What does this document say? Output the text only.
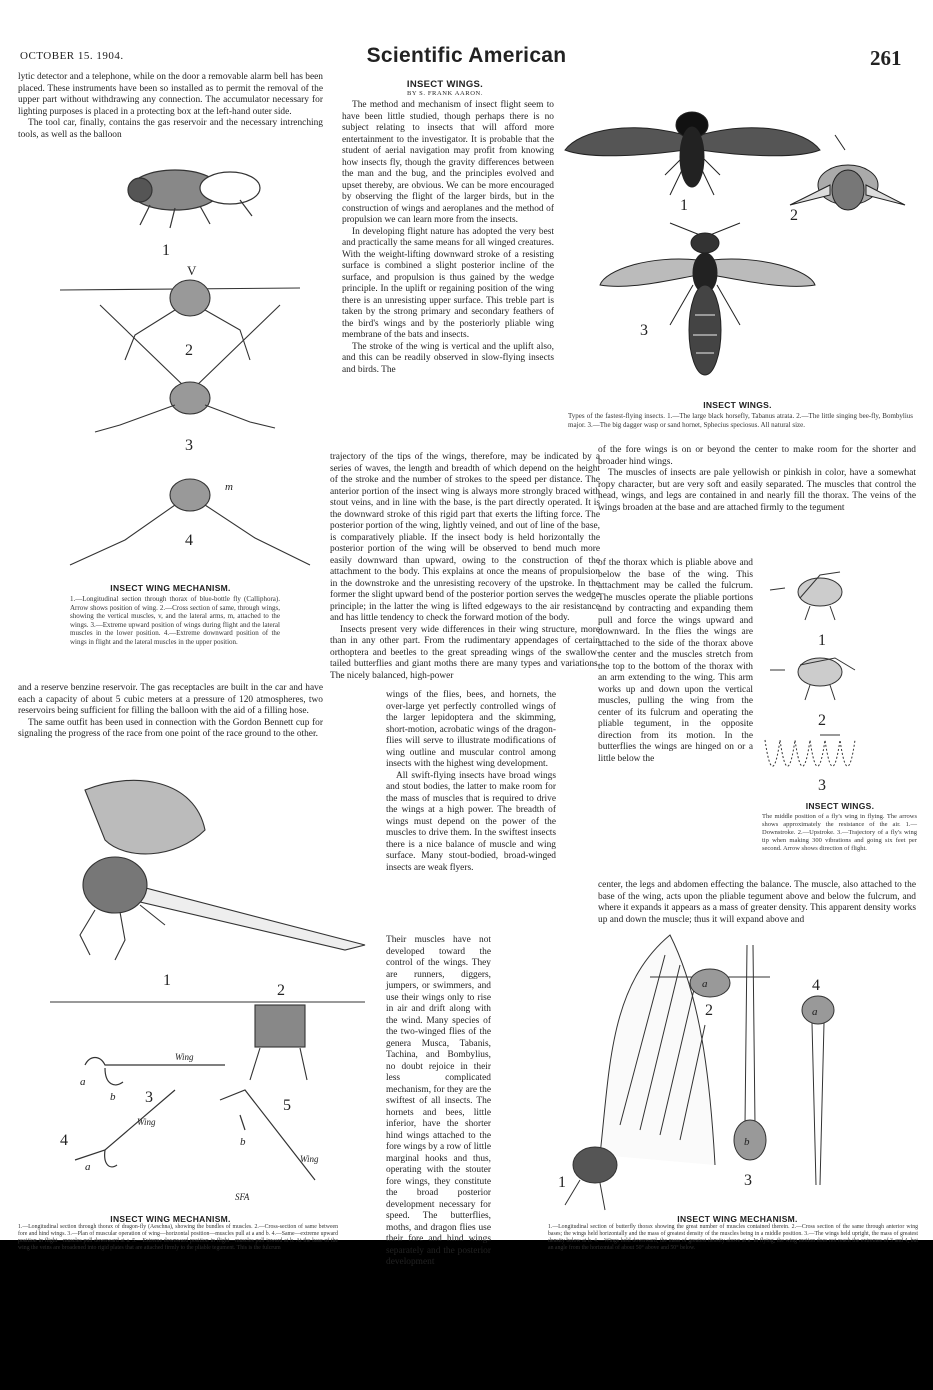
OCTOBER 15. 1904.	Scientific American	261

lytic detector and a telephone, while on the door a removable alarm bell has been placed. These instruments have been so installed as to permit the removal of the upper part without withdrawing any connection. The accumulator necessary for lighting purposes is placed in a protecting box at the left-hand outer side.

The tool car, finally, contains the gas reservoir and the necessary intrenching tools, as well as the balloon

1
V
2
3
m
4
INSECT WING MECHANISM.
1.—Longitudinal section through thorax of blue-bottle fly (Calliphora). Arrow shows position of wing. 2.—Cross section of same, through wings, showing the vertical muscles, v, and the lateral arms, m, attached to the wings. 3.—Extreme upward position of wings during flight and the lateral muscles in the lower position. 4.—Extreme downward position of the wings in flight and the lateral muscles in the upper position.

and a reserve benzine reservoir. The gas receptacles are built in the car and have each a capacity of about 5 cubic meters at a pressure of 120 atmospheres, two reservoirs being sufficient for filling the balloon with the aid of a filling hose.

The same outfit has been used in connection with the Gordon Bennett cup for signaling the progress of the race from one point of the race ground to the other.

1
2
a
b
Wing
3
4
Wing
a
5
b
Wing
SFA
INSECT WING MECHANISM.
1.—Longitudinal section through thorax of dragon-fly (Aeschna), showing the bundles of muscles. 2.—Cross-section of same between fore and hind wings. 3.—Plan of muscular operation of wing—horizontal position—muscles pull at a and b. 4.—Same—extreme upward position in flight—muscles pull downward at a. 5.—Extreme downward position in flight—muscles pull inward at b. At the base of the wing the veins are broadened into rigid plates that are attached firmly to the pliable tegument. This is the fulcrum
INSECT WINGS.
BY S. FRANK AARON.

The method and mechanism of insect flight seem to have been little studied, though perhaps there is no subject relating to insects that will afford more entertainment to the investigator. It is probable that the student of aerial navigation may profit from knowing how insects fly, though the gravity differences between the man and the bug, and the principles evolved and upset thereby, are obvious. We can be more encouraged by observing the flight of the larger birds, but in the construction of wings and aeroplanes and the method of propulsion we can learn more from the insects.

In developing flight nature has adopted the very best and practically the same means for all winged creatures. With the weight-lifting downward stroke of a resisting surface is combined a slight posterior incline of the surface, and propulsion is thus gained by the wedge principle. In the uplift or regaining position of the wing there is an unresisting upper surface. This treble part is taken by the strong primary and secondary feathers of the bird's wings and by the posteriorly pliable wing membrane of the bats and insects.

The stroke of the wing is vertical and the uplift also, and this can be readily observed in slow-flying insects and birds. The

trajectory of the tips of the wings, therefore, may be indicated by a series of waves, the length and breadth of which depend on the height of the stroke and the number of strokes to the speed per distance. The anterior portion of the insect wing is always more strongly braced with stout veins, and in line with the base, is the part directly operated. It is the downward stroke of this rigid part that exerts the lifting force. The posterior portion of the wing, lightly veined, and out of line of the base, is comparatively pliable. If the insect body is held horizontally the posterior portion of the wing will be observed to bend much more easily downward than upward, owing to the construction of the attachment to the body. This explains at once the means of propulsion in the downstroke and the unresisting recovery of the upstroke. In the former the slight upward bend of the posterior portion serves the wedge principle; in the latter the wing is lifted edgeways to the air resistance and has little tendency to check the forward motion of the body.

Insects present very wide differences in their wing structure, more than in any other part. From the rudimentary appendages of certain orthoptera and beetles to the great spreading wings of the swallow-tailed butterflies and giant moths there are many types and variations. The nicely balanced, high-power

wings of the flies, bees, and hornets, the over-large yet perfectly controlled wings of the larger lepidoptera and the skimming, short-motion, acrobatic wings of the dragon-flies will serve to illustrate modifications of wing outline and muscular control among insects with the highest wing development.

All swift-flying insects have broad wings and stout bodies, the latter to make room for the mass of muscles that is required to drive the wings at a high power. The breadth of wings must depend on the power of the muscles to drive them. In the swiftest insects there is a nice balance of muscle and wing surface. Many stout-bodied, broad-winged insects are weak flyers.

Their muscles have not developed toward the control of the wings. They are runners, diggers, jumpers, or swimmers, and use their wings only to rise in air and drift along with the wind. Many species of the two-winged flies of the genera Musca, Tabanis, Tachina, and Bombylius, no doubt rejoice in their less complicated mechanism, for they are the swiftest of all insects. The hornets and bees, little inferior, have the shorter hind wings attached to the fore wings by a row of little marginal hooks and thus, operating with the stouter fore wings, they constitute the broad posterior development necessary for speed. The butterflies, moths, and dragon flies use their fore and hind wings separately and the posterior development

1
2
3
INSECT WINGS.
Types of the fastest-flying insects. 1.—The large black horsefly, Tabanus atrata. 2.—The little singing bee-fly, Bombylius major. 3.—The big dagger wasp or sand hornet, Sphecius speciosus. All natural size.

of the fore wings is on or beyond the center to make room for the shorter and broader hind wings.

The muscles of insects are pale yellowish or pinkish in color, have a somewhat ropy character, but are very soft and easily separated. The muscles that control the head, wings, and legs are contained in and nearly fill the thorax. The veins of the wings broaden at the base and are attached firmly to the tegument

of the thorax which is pliable above and below the base of the wing. This attachment may be called the fulcrum. The muscles operate the pliable portions and by contracting and expanding them pull and force the wings upward and downward. In the flies the wings are attached to the side of the thorax above the center and the muscles stretch from the top to the bottom of the thorax with an arm extending to the wing. This arm works up and down upon the vertical muscles, pulling the wing from the center of its fulcrum and operating the pliable tegument, in the opposite direction from its motion. In the butterflies the wings are hinged on or a little below the

1
2
3
INSECT WINGS.
The middle position of a fly's wing in flying. The arrows shows approximately the resistance of the air. 1.—Downstroke. 2.—Upstroke. 3.—Trajectory of a fly's wing tip when making 300 vibrations and going six feet per second. Arrow shows direction of flight.

center, the legs and abdomen effecting the balance. The muscle, also attached to the base of the wing, acts upon the pliable tegument above and below the fulcrum, and where it expands it appears as a mass of greater density. This apparent density works up and down the muscle; thus it will expand above and

1
2
a	4
a
b
3
INSECT WING MECHANISM.
1.—Longitudinal section of butterfly thorax showing the great number of muscles contained therein. 2.—Cross section of the same through anterior wing bases; the wings held horizontally and the mass of greatest density of the muscles being in a middle position. 3.—The wings held upright, the mass of greatest density below at b. 4.—Wings held downward, the mass of greatest density above at a. In flying, the wing motion does not reach the extremes of 3 and 4, but an angle from the horizontal of about 50° above and 50° below.
